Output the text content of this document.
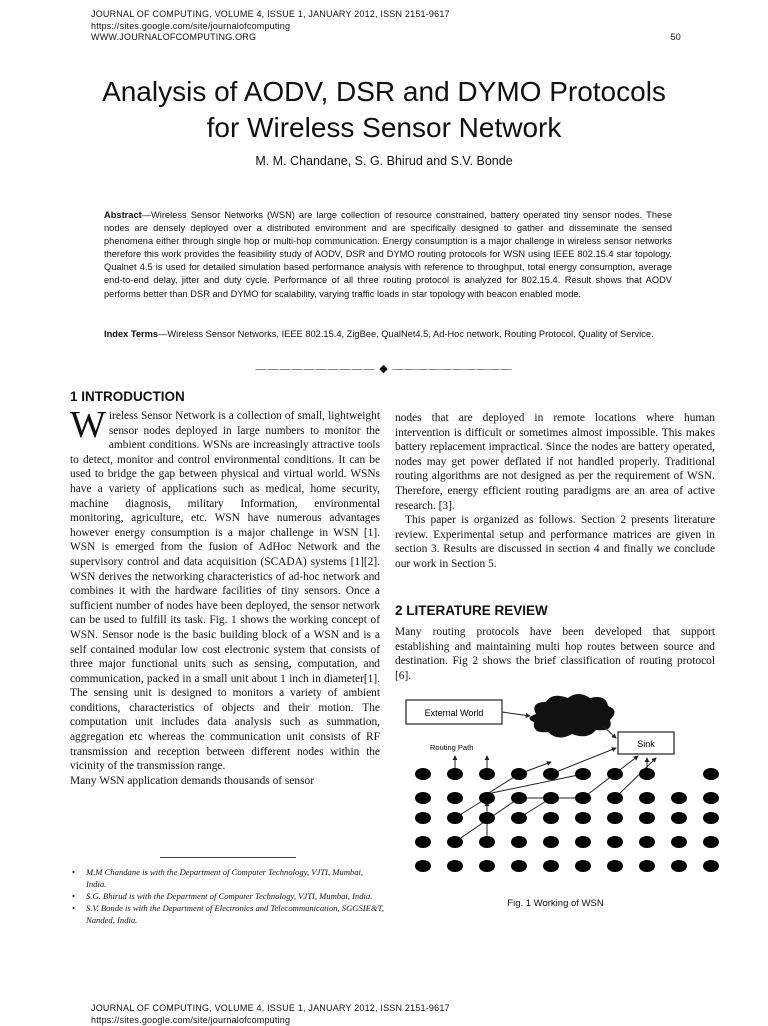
JOURNAL OF COMPUTING, VOLUME 4, ISSUE 1, JANUARY 2012, ISSN 2151-9617
https://sites.google.com/site/journalofcomputing
WWW.JOURNALOFCOMPUTING.ORG	50
Analysis of AODV, DSR and DYMO Protocols
for Wireless Sensor Network
M. M. Chandane, S. G. Bhirud and S.V. Bonde
Abstract—Wireless Sensor Networks (WSN) are large collection of resource constrained, battery operated tiny sensor nodes. These nodes are densely deployed over a distributed environment and are specifically designed to gather and disseminate the sensed phenomena either through single hop or multi-hop communication. Energy consumption is a major challenge in wireless sensor networks therefore this work provides the feasibility study of AODV, DSR and DYMO routing protocols for WSN using IEEE 802.15.4 star topology. Qualnet 4.5 is used for detailed simulation based performance analysis with reference to throughput, total energy consumption, average end-to-end delay, jitter and duty cycle. Performance of all three routing protocol is analyzed for 802.15.4. Result shows that AODV performs better than DSR and DYMO for scalability, varying traffic loads in star topology with beacon enabled mode.
Index Terms—Wireless Sensor Networks, IEEE 802.15.4, ZigBee, QualNet4.5, Ad-Hoc network, Routing Protocol, Quality of Service.
—————————— ◆ ——————————
1 INTRODUCTION

Wireless Sensor Network is a collection of small, lightweight sensor nodes deployed in large numbers to monitor the ambient conditions. WSNs are increasingly attractive tools to detect, monitor and control environmental conditions. It can be used to bridge the gap between physical and virtual world. WSNs have a variety of applications such as medical, home security, machine diagnosis, military Information, environmental monitoring, agriculture, etc. WSN have numerous advantages however energy consumption is a major challenge in WSN [1]. WSN is emerged from the fusion of AdHoc Network and the supervisory control and data acquisition (SCADA) systems [1][2]. WSN derives the networking characteristics of ad-hoc network and combines it with the hardware facilities of tiny sensors. Once a sufficient number of nodes have been deployed, the sensor network can be used to fulfill its task. Fig. 1 shows the working concept of WSN. Sensor node is the basic building block of a WSN and is a self contained modular low cost electronic system that consists of three major functional units such as sensing, computation, and communication, packed in a small unit about 1 inch in diameter[1]. The sensing unit is designed to monitors a variety of ambient conditions, characteristics of objects and their motion. The computation unit includes data analysis such as summation, aggregation etc whereas the communication unit consists of RF transmission and reception between different nodes within the vicinity of the transmission range.

Many WSN application demands thousands of sensor

nodes that are deployed in remote locations where human intervention is difficult or sometimes almost impossible. This makes battery replacement impractical. Since the nodes are battery operated, nodes may get power deflated if not handled properly. Traditional routing algorithms are not designed as per the requirement of WSN. Therefore, energy efficient routing paradigms are an area of active research. [3].

This paper is organized as follows. Section 2 presents literature review. Experimental setup and performance matrices are given in section 3. Results are discussed in section 4 and finally we conclude our work in Section 5.

2 LITERATURE REVIEW

Many routing protocols have been developed that support establishing and maintaining multi hop routes between source and destination. Fig 2 shows the brief classification of routing protocol [6].

External World
Sink
Routing Path
Fig. 1 Working of WSN
• M.M Chandane is with the Department of Computer Technology, VJTI, Mumbai, India.
• S.G. Bhirud is with the Department of Computer Technology, VJTI, Mumbai, India.
• S.V. Bonde is with the Department of Electronics and Telecommunication, SGGSIE&T, Nanded, India.
JOURNAL OF COMPUTING, VOLUME 4, ISSUE 1, JANUARY 2012, ISSN 2151-9617
https://sites.google.com/site/journalofcomputing
